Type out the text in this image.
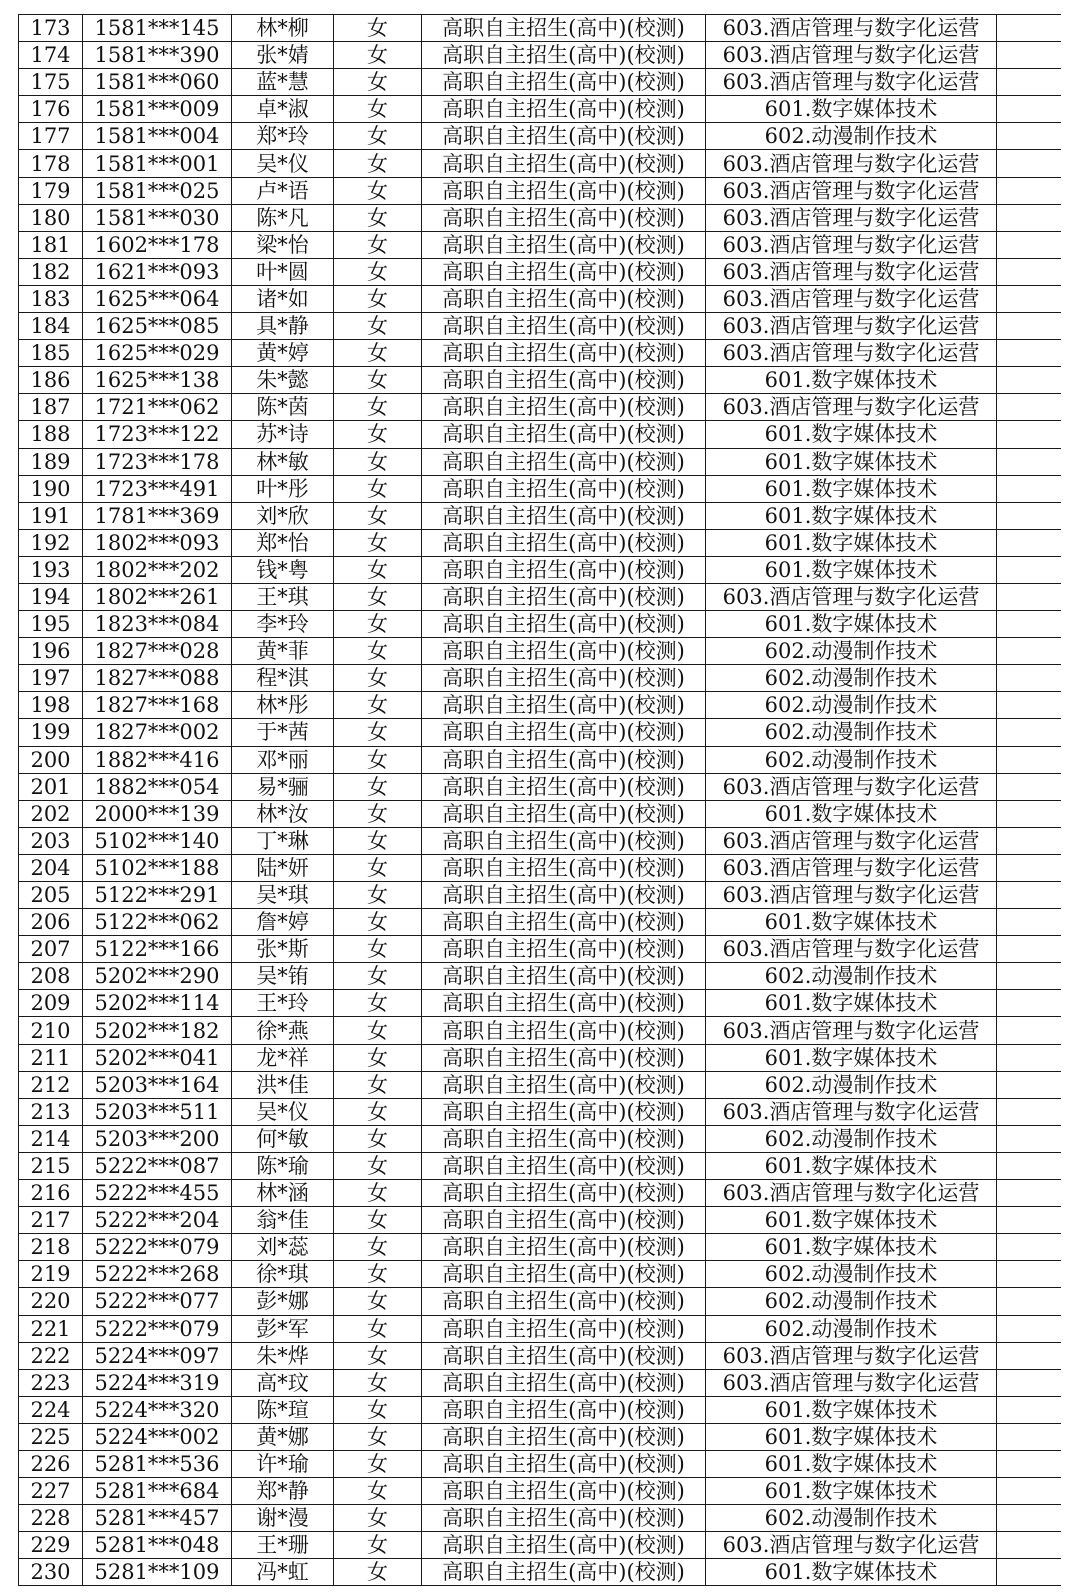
173	1581***145	林*柳	女	高职自主招生(高中)(校测)	603.酒店管理与数字化运营	
174	1581***390	张*婧	女	高职自主招生(高中)(校测)	603.酒店管理与数字化运营	
175	1581***060	蓝*慧	女	高职自主招生(高中)(校测)	603.酒店管理与数字化运营	
176	1581***009	卓*淑	女	高职自主招生(高中)(校测)	601.数字媒体技术	
177	1581***004	郑*玲	女	高职自主招生(高中)(校测)	602.动漫制作技术	
178	1581***001	吴*仪	女	高职自主招生(高中)(校测)	603.酒店管理与数字化运营	
179	1581***025	卢*语	女	高职自主招生(高中)(校测)	603.酒店管理与数字化运营	
180	1581***030	陈*凡	女	高职自主招生(高中)(校测)	603.酒店管理与数字化运营	
181	1602***178	梁*怡	女	高职自主招生(高中)(校测)	603.酒店管理与数字化运营	
182	1621***093	叶*圆	女	高职自主招生(高中)(校测)	603.酒店管理与数字化运营	
183	1625***064	诸*如	女	高职自主招生(高中)(校测)	603.酒店管理与数字化运营	
184	1625***085	具*静	女	高职自主招生(高中)(校测)	603.酒店管理与数字化运营	
185	1625***029	黄*婷	女	高职自主招生(高中)(校测)	603.酒店管理与数字化运营	
186	1625***138	朱*懿	女	高职自主招生(高中)(校测)	601.数字媒体技术	
187	1721***062	陈*茵	女	高职自主招生(高中)(校测)	603.酒店管理与数字化运营	
188	1723***122	苏*诗	女	高职自主招生(高中)(校测)	601.数字媒体技术	
189	1723***178	林*敏	女	高职自主招生(高中)(校测)	601.数字媒体技术	
190	1723***491	叶*彤	女	高职自主招生(高中)(校测)	601.数字媒体技术	
191	1781***369	刘*欣	女	高职自主招生(高中)(校测)	601.数字媒体技术	
192	1802***093	郑*怡	女	高职自主招生(高中)(校测)	601.数字媒体技术	
193	1802***202	钱*粤	女	高职自主招生(高中)(校测)	601.数字媒体技术	
194	1802***261	王*琪	女	高职自主招生(高中)(校测)	603.酒店管理与数字化运营	
195	1823***084	李*玲	女	高职自主招生(高中)(校测)	601.数字媒体技术	
196	1827***028	黄*菲	女	高职自主招生(高中)(校测)	602.动漫制作技术	
197	1827***088	程*淇	女	高职自主招生(高中)(校测)	602.动漫制作技术	
198	1827***168	林*彤	女	高职自主招生(高中)(校测)	602.动漫制作技术	
199	1827***002	于*茜	女	高职自主招生(高中)(校测)	602.动漫制作技术	
200	1882***416	邓*丽	女	高职自主招生(高中)(校测)	602.动漫制作技术	
201	1882***054	易*骊	女	高职自主招生(高中)(校测)	603.酒店管理与数字化运营	
202	2000***139	林*汝	女	高职自主招生(高中)(校测)	601.数字媒体技术	
203	5102***140	丁*琳	女	高职自主招生(高中)(校测)	603.酒店管理与数字化运营	
204	5102***188	陆*妍	女	高职自主招生(高中)(校测)	603.酒店管理与数字化运营	
205	5122***291	吴*琪	女	高职自主招生(高中)(校测)	603.酒店管理与数字化运营	
206	5122***062	詹*婷	女	高职自主招生(高中)(校测)	601.数字媒体技术	
207	5122***166	张*斯	女	高职自主招生(高中)(校测)	603.酒店管理与数字化运营	
208	5202***290	吴*铕	女	高职自主招生(高中)(校测)	602.动漫制作技术	
209	5202***114	王*玲	女	高职自主招生(高中)(校测)	601.数字媒体技术	
210	5202***182	徐*燕	女	高职自主招生(高中)(校测)	603.酒店管理与数字化运营	
211	5202***041	龙*祥	女	高职自主招生(高中)(校测)	601.数字媒体技术	
212	5203***164	洪*佳	女	高职自主招生(高中)(校测)	602.动漫制作技术	
213	5203***511	吴*仪	女	高职自主招生(高中)(校测)	603.酒店管理与数字化运营	
214	5203***200	何*敏	女	高职自主招生(高中)(校测)	602.动漫制作技术	
215	5222***087	陈*瑜	女	高职自主招生(高中)(校测)	601.数字媒体技术	
216	5222***455	林*涵	女	高职自主招生(高中)(校测)	603.酒店管理与数字化运营	
217	5222***204	翁*佳	女	高职自主招生(高中)(校测)	601.数字媒体技术	
218	5222***079	刘*蕊	女	高职自主招生(高中)(校测)	601.数字媒体技术	
219	5222***268	徐*琪	女	高职自主招生(高中)(校测)	602.动漫制作技术	
220	5222***077	彭*娜	女	高职自主招生(高中)(校测)	602.动漫制作技术	
221	5222***079	彭*军	女	高职自主招生(高中)(校测)	602.动漫制作技术	
222	5224***097	朱*烨	女	高职自主招生(高中)(校测)	603.酒店管理与数字化运营	
223	5224***319	高*玟	女	高职自主招生(高中)(校测)	603.酒店管理与数字化运营	
224	5224***320	陈*瑄	女	高职自主招生(高中)(校测)	601.数字媒体技术	
225	5224***002	黄*娜	女	高职自主招生(高中)(校测)	601.数字媒体技术	
226	5281***536	许*瑜	女	高职自主招生(高中)(校测)	601.数字媒体技术	
227	5281***684	郑*静	女	高职自主招生(高中)(校测)	601.数字媒体技术	
228	5281***457	谢*漫	女	高职自主招生(高中)(校测)	602.动漫制作技术	
229	5281***048	王*珊	女	高职自主招生(高中)(校测)	603.酒店管理与数字化运营	
230	5281***109	冯*虹	女	高职自主招生(高中)(校测)	601.数字媒体技术	
